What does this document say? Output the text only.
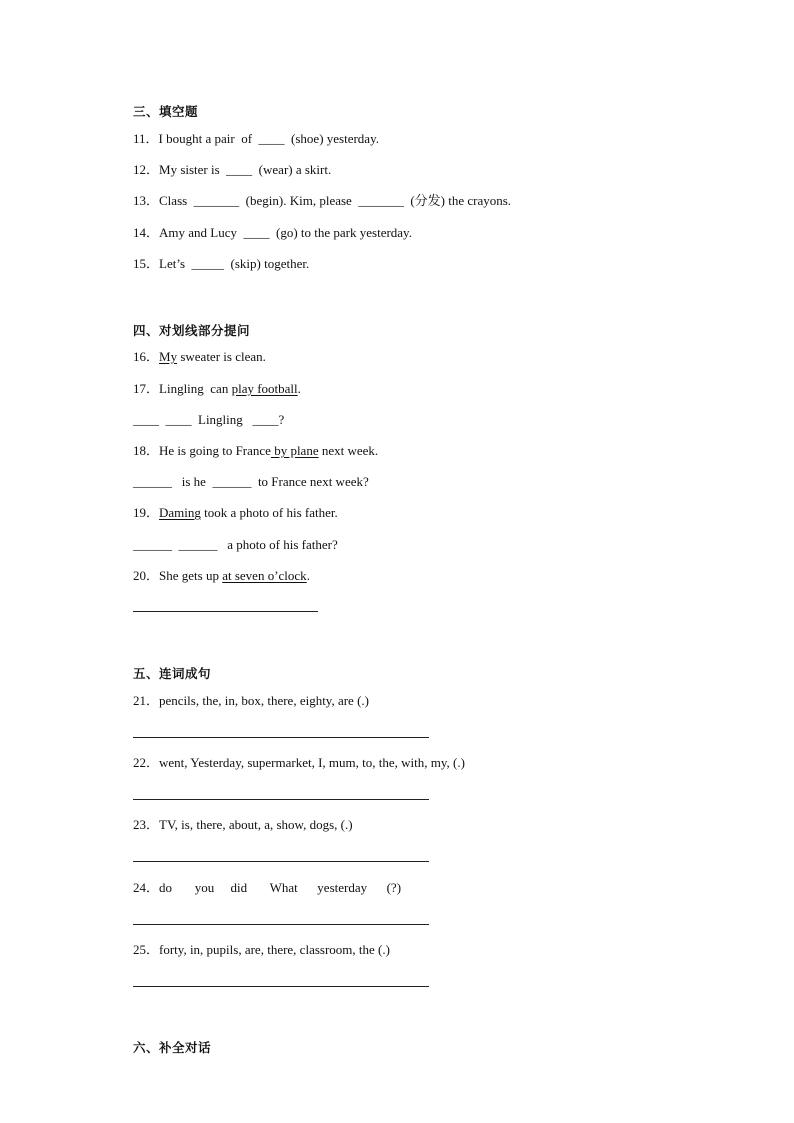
三、填空题
11．I bought a pair  of  ____  (shoe) yesterday.
12．My sister is  ____  (wear) a skirt.
13．Class  _______  (begin). Kim, please  _______  (分发) the crayons.
14．Amy and Lucy  ____  (go) to the park yesterday.
15．Let’s  _____  (skip) together.
四、对划线部分提问
16．My sweater is clean.
17．Lingling  can play football.
____  ____  Lingling   ____?
18．He is going to France by plane next week.
______   is he  ______  to France next week?
19．Daming took a photo of his father.
______  ______   a photo of his father?
20．She gets up at seven o’clock.
五、连词成句
21．pencils, the, in, box, there, eighty, are (.)
22．went, Yesterday, supermarket, I, mum, to, the, with, my, (.)
23．TV, is, there, about, a, show, dogs, (.)
24．do       you     did       What      yesterday      (?)
25．forty, in, pupils, are, there, classroom, the (.)
六、补全对话
